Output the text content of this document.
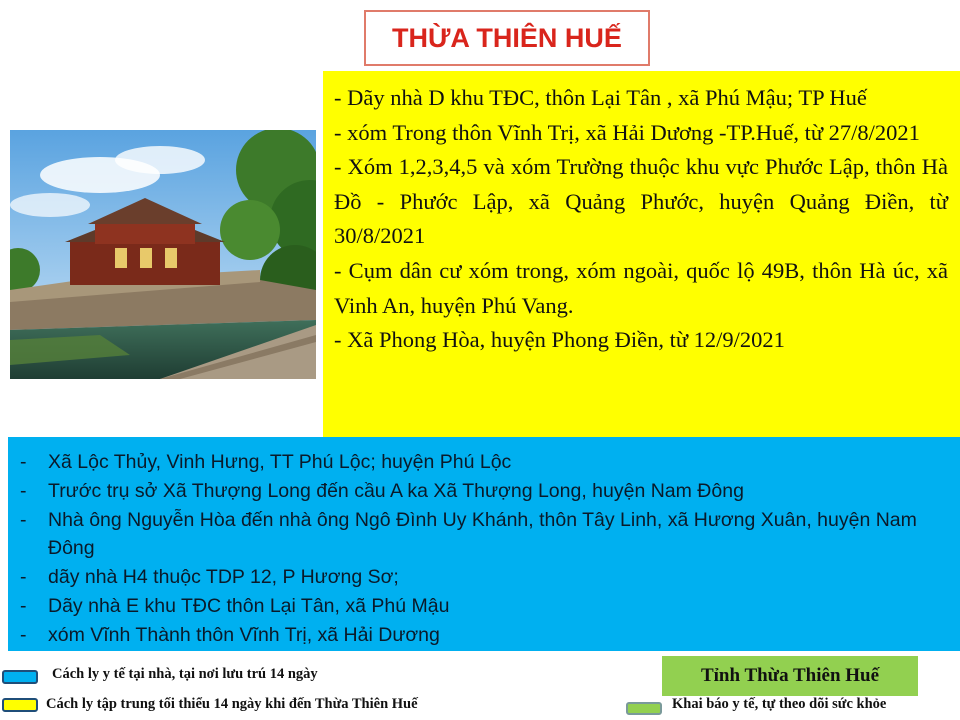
THỪA THIÊN HUẾ

- Dãy nhà D khu TĐC, thôn Lại Tân , xã Phú Mậu; TP Huế

- xóm Trong thôn Vĩnh Trị, xã Hải Dương -TP.Huế, từ 27/8/2021

- Xóm 1,2,3,4,5 và xóm Trường thuộc khu vực Phước Lập, thôn Hà Đồ - Phước Lập, xã Quảng Phước, huyện Quảng Điền, từ 30/8/2021

- Cụm dân cư xóm trong, xóm ngoài, quốc lộ 49B, thôn Hà úc, xã Vinh An, huyện Phú Vang.

- Xã Phong Hòa, huyện Phong Điền, từ 12/9/2021

- Xã Lộc Thủy, Vinh Hưng, TT Phú Lộc; huyện Phú Lộc
- Trước trụ sở Xã Thượng Long đến cầu A ka Xã Thượng Long, huyện Nam Đông
- Nhà ông Nguyễn Hòa đến nhà ông Ngô Đình Uy Khánh, thôn Tây Linh, xã Hương Xuân, huyện Nam Đông
- dãy nhà H4 thuộc TDP 12, P Hương Sơ;
- Dãy nhà E khu TĐC thôn Lại Tân, xã Phú Mậu
- xóm Vĩnh Thành thôn Vĩnh Trị, xã Hải Dương
Cách ly y tế tại nhà, tại nơi lưu trú 14 ngày
Cách ly tập trung tối thiểu 14 ngày khi đến Thừa Thiên Huế
Tỉnh Thừa Thiên Huế
Khai báo y tế, tự theo dõi sức khỏe
